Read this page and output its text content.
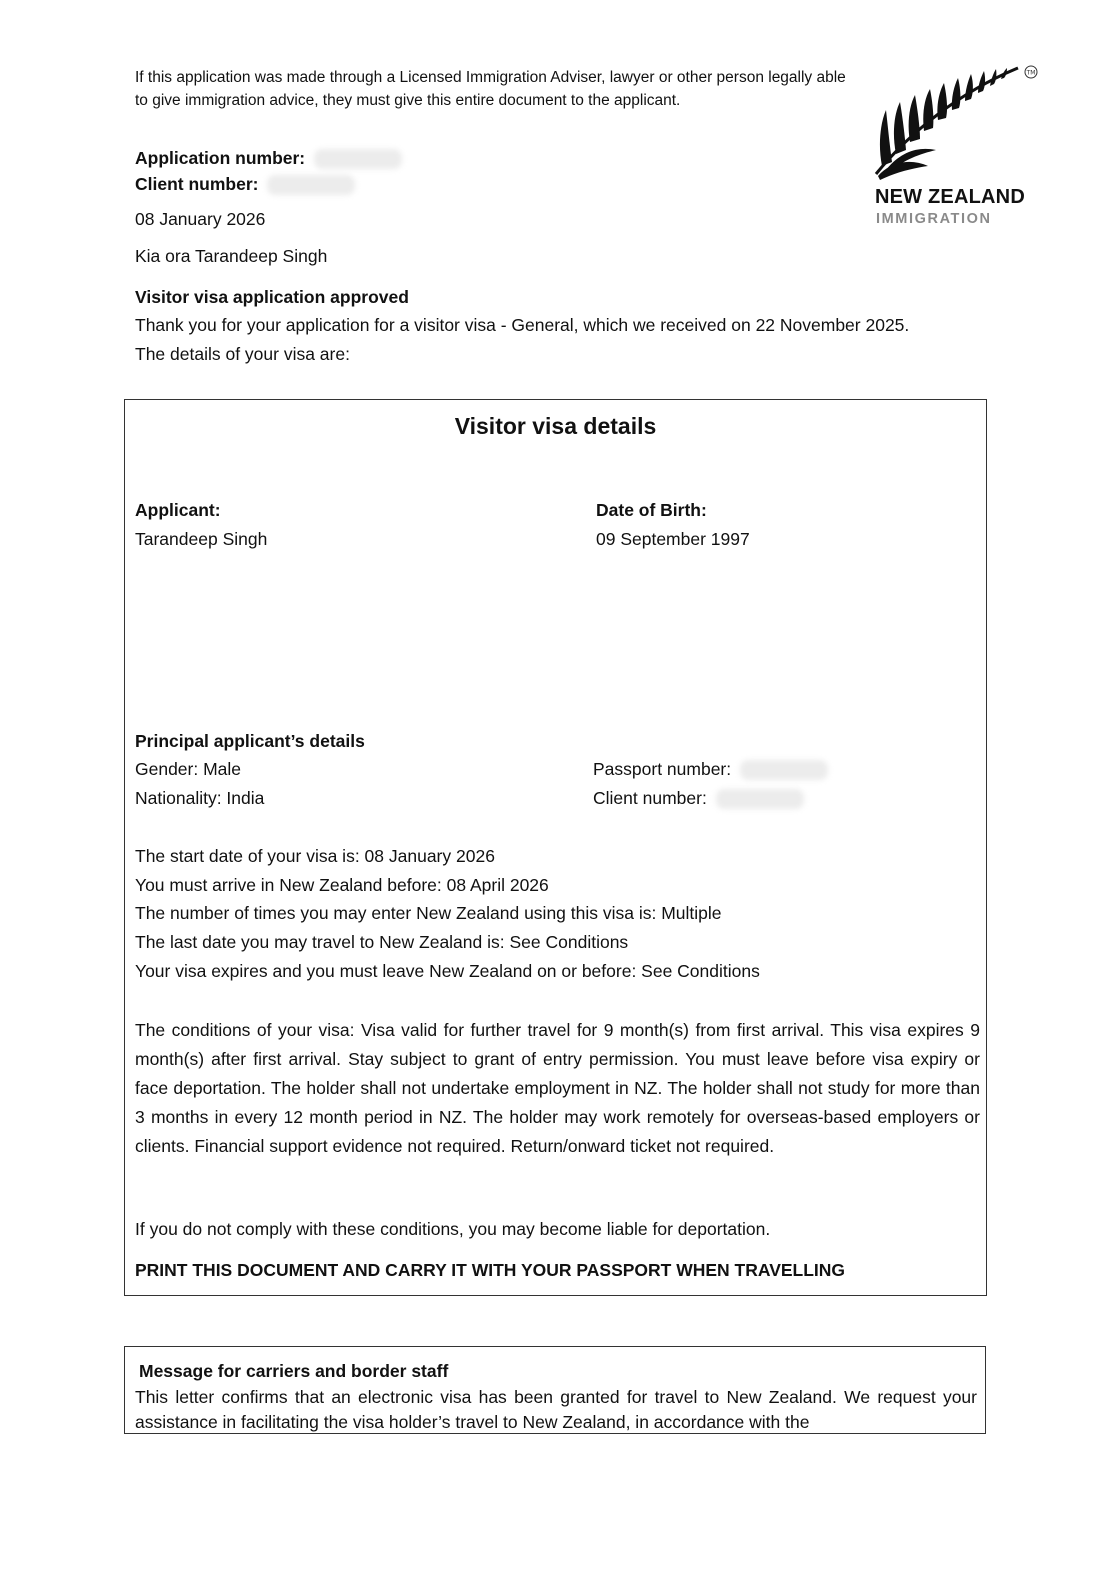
If this application was made through a Licensed Immigration Adviser, lawyer or other person legally able to give immigration advice, they must give this entire document to the applicant.
Application number:
Client number:
08 January 2026
Kia ora Tarandeep Singh
TM
NEW ZEALAND
IMMIGRATION
Visitor visa application approved
Thank you for your application for a visitor visa - General, which we received on 22 November 2025.
The details of your visa are:
Visitor visa details
Applicant:
Tarandeep Singh
Date of Birth:
09 September 1997
Principal applicant’s details
Gender: Male
Nationality: India
Passport number:
Client number:
The start date of your visa is: 08 January 2026
You must arrive in New Zealand before: 08 April 2026
The number of times you may enter New Zealand using this visa is: Multiple
The last date you may travel to New Zealand is: See Conditions
Your visa expires and you must leave New Zealand on or before: See Conditions
The conditions of your visa: Visa valid for further travel for 9 month(s) from first arrival. This visa expires 9 month(s) after first arrival. Stay subject to grant of entry permission. You must leave before visa expiry or face deportation. The holder shall not undertake employment in NZ. The holder shall not study for more than 3 months in every 12 month period in NZ. The holder may work remotely for overseas-based employers or clients. Financial support evidence not required. Return/onward ticket not required.
If you do not comply with these conditions, you may become liable for deportation.
PRINT THIS DOCUMENT AND CARRY IT WITH YOUR PASSPORT WHEN TRAVELLING
Message for carriers and border staff
This letter confirms that an electronic visa has been granted for travel to New Zealand. We request your assistance in facilitating the visa holder’s travel to New Zealand, in accordance with the
